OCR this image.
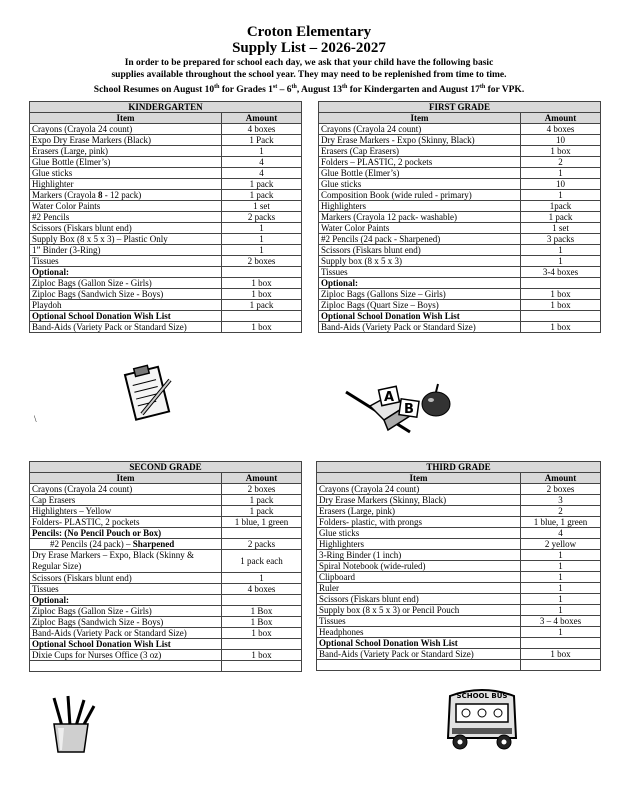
Croton Elementary
Supply List – 2026-2027
In order to be prepared for school each day, we ask that your child have the following basic
supplies available throughout the school year. They may need to be replenished from time to time.
School Resumes on August 10th for Grades 1st – 6th, August 13th for Kindergarten and August 17th for VPK.
KINDERGARTEN	
Item	Amount
Crayons (Crayola 24 count)	4 boxes
Expo Dry Erase Markers (Black)	1 Pack
Erasers (Large, pink)	1
Glue Bottle (Elmer’s)	4
Glue sticks	4
Highlighter	1 pack
Markers (Crayola 8 - 12 pack)	1 pack
Water Color Paints	1 set
#2 Pencils	2 packs
Scissors (Fiskars blunt end)	1
Supply Box (8 x 5 x 3) – Plastic Only	1
1” Binder (3-Ring)	1
Tissues	2 boxes
Optional:	
Ziploc Bags (Gallon Size - Girls)	1 box
Ziploc Bags (Sandwich Size - Boys)	1 box
Playdoh	1 pack
Optional School Donation Wish List	
Band-Aids (Variety Pack or Standard Size)	1 box
FIRST GRADE	
Item	Amount
Crayons (Crayola 24 count)	4 boxes
Dry Erase Markers - Expo (Skinny, Black)	10
Erasers (Cap Erasers)	1 box
Folders – PLASTIC, 2 pockets	2
Glue Bottle (Elmer’s)	1
Glue sticks	10
Composition Book (wide ruled - primary)	1
Highlighters	1pack
Markers (Crayola 12 pack- washable)	1 pack
Water Color Paints	1 set
#2 Pencils (24 pack - Sharpened)	3 packs
Scissors (Fiskars blunt end)	1
Supply box (8 x 5 x 3)	1
Tissues	3-4 boxes
Optional:	
Ziploc Bags (Gallons Size – Girls)	1 box
Ziploc Bags (Quart Size – Boys)	1 box
Optional School Donation Wish List	
Band-Aids (Variety Pack or Standard Size)	1 box
SECOND GRADE	
Item	Amount
Crayons (Crayola 24 count)	2 boxes
Cap Erasers	1 pack
Highlighters – Yellow	1 pack
Folders- PLASTIC, 2 pockets	1 blue, 1 green
Pencils: (No Pencil Pouch or Box)	
#2 Pencils (24 pack) – Sharpened	2 packs
Dry Erase Markers – Expo, Black (Skinny & Regular Size)	1 pack each
Scissors (Fiskars blunt end)	1
Tissues	4 boxes
Optional:	
Ziploc Bags (Gallon Size - Girls)	1 Box
Ziploc Bags (Sandwich Size - Boys)	1 Box
Band-Aids (Variety Pack or Standard Size)	1 box
Optional School Donation Wish List	
Dixie Cups for Nurses Office (3 oz)	1 box

THIRD GRADE	
Item	Amount
Crayons (Crayola 24 count)	2 boxes
Dry Erase Markers (Skinny, Black)	3
Erasers (Large, pink)	2
Folders- plastic, with prongs	1 blue, 1 green
Glue sticks	4
Highlighters	2 yellow
3-Ring Binder (1 inch)	1
Spiral Notebook (wide-ruled)	1
Clipboard	1
Ruler	1
Scissors (Fiskars blunt end)	1
Supply box (8 x 5 x 3) or Pencil Pouch	1
Tissues	3 – 4 boxes
Headphones	1
Optional School Donation Wish List	
Band-Aids (Variety Pack or Standard Size)	1 box

\
A
B
SCHOOL BUS
